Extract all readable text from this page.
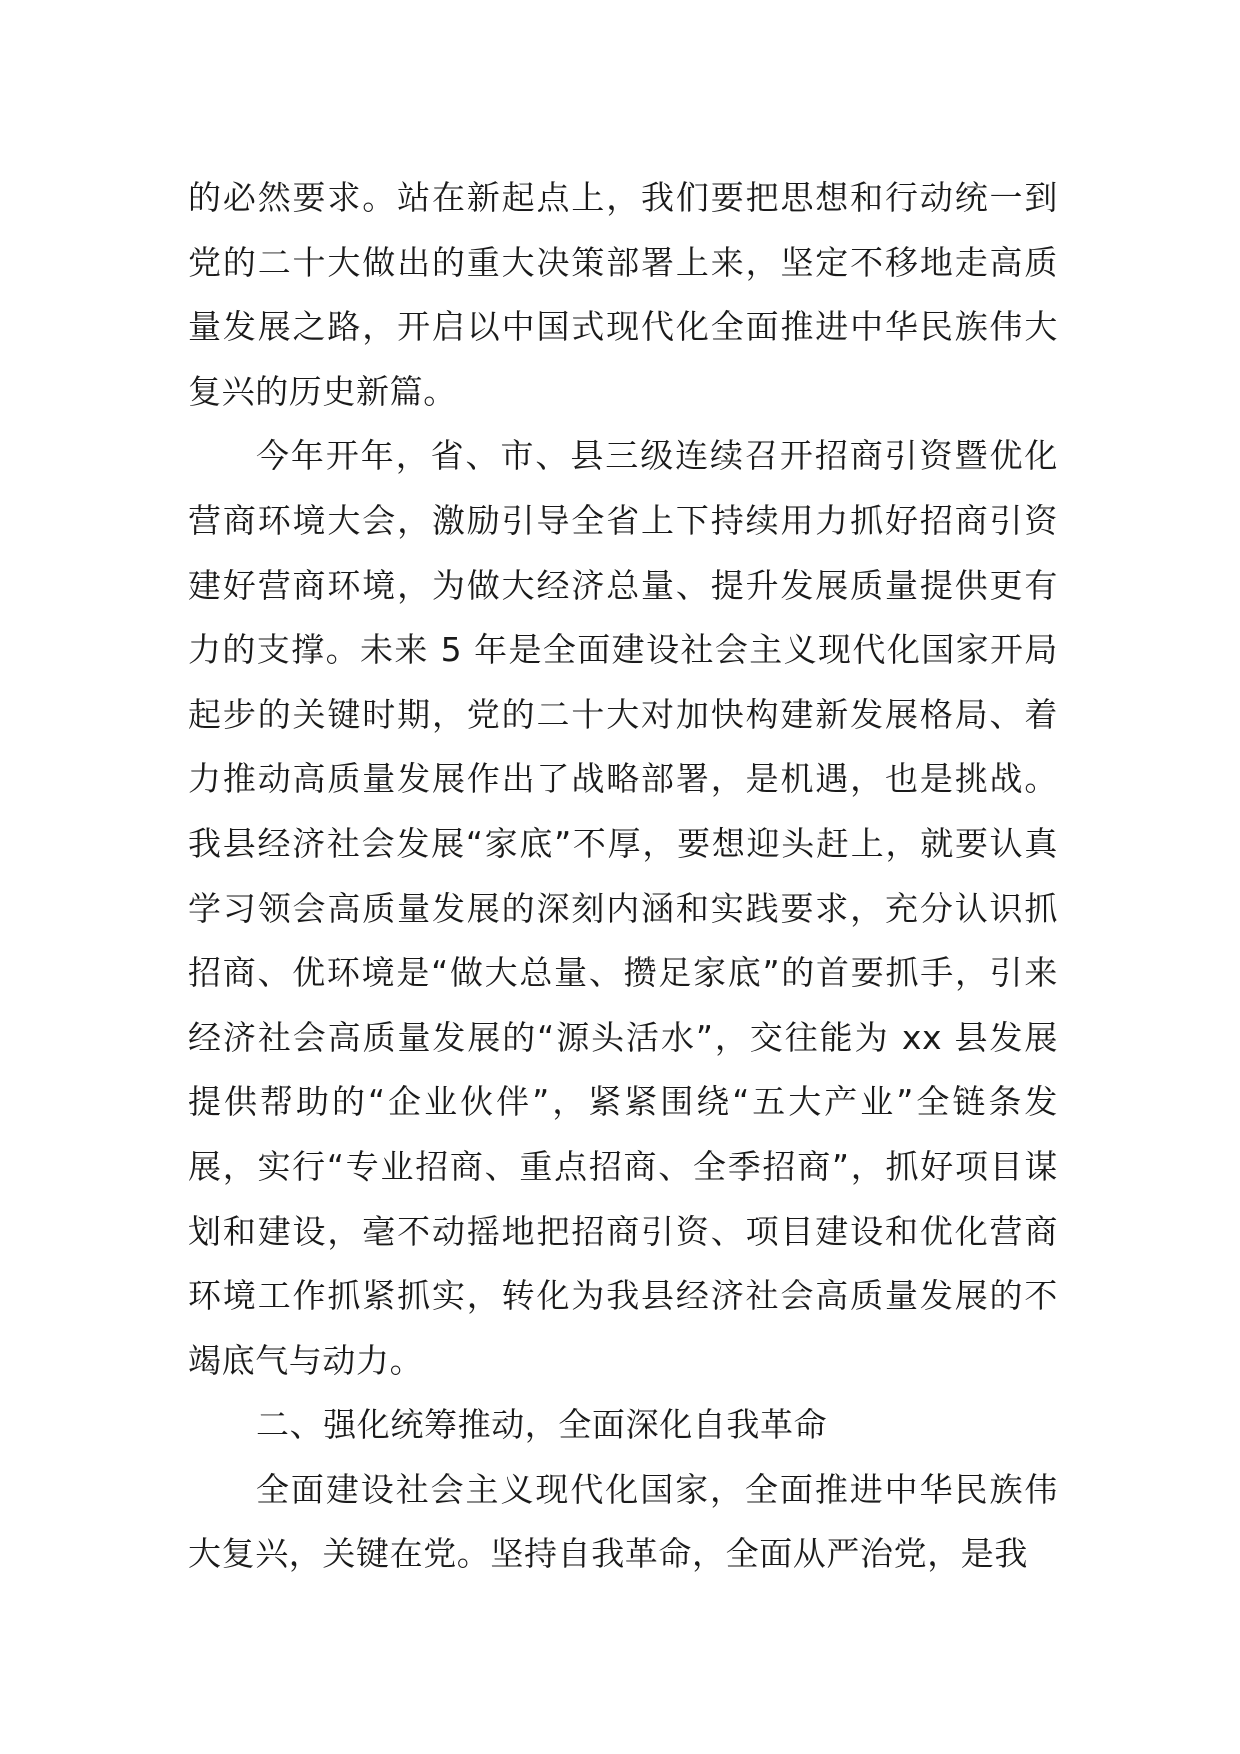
的必然要求。站在新起点上，我们要把思想和行动统一到党的二十大做出的重大决策部署上来，坚定不移地走高质量发展之路，开启以中国式现代化全面推进中华民族伟大复兴的历史新篇。

今年开年，省、市、县三级连续召开招商引资暨优化营商环境大会，激励引导全省上下持续用力抓好招商引资建好营商环境，为做大经济总量、提升发展质量提供更有力的支撑。未来 5 年是全面建设社会主义现代化国家开局起步的关键时期，党的二十大对加快构建新发展格局、着力推动高质量发展作出了战略部署，是机遇，也是挑战。我县经济社会发展“家底”不厚，要想迎头赶上，就要认真学习领会高质量发展的深刻内涵和实践要求，充分认识抓招商、优环境是“做大总量、攒足家底”的首要抓手，引来经济社会高质量发展的“源头活水”，交往能为 xx 县发展提供帮助的“企业伙伴”，紧紧围绕“五大产业”全链条发展，实行“专业招商、重点招商、全季招商”，抓好项目谋划和建设，毫不动摇地把招商引资、项目建设和优化营商环境工作抓紧抓实，转化为我县经济社会高质量发展的不竭底气与动力。

二、强化统筹推动，全面深化自我革命

全面建设社会主义现代化国家，全面推进中华民族伟大复兴，关键在党。坚持自我革命，全面从严治党，是我
